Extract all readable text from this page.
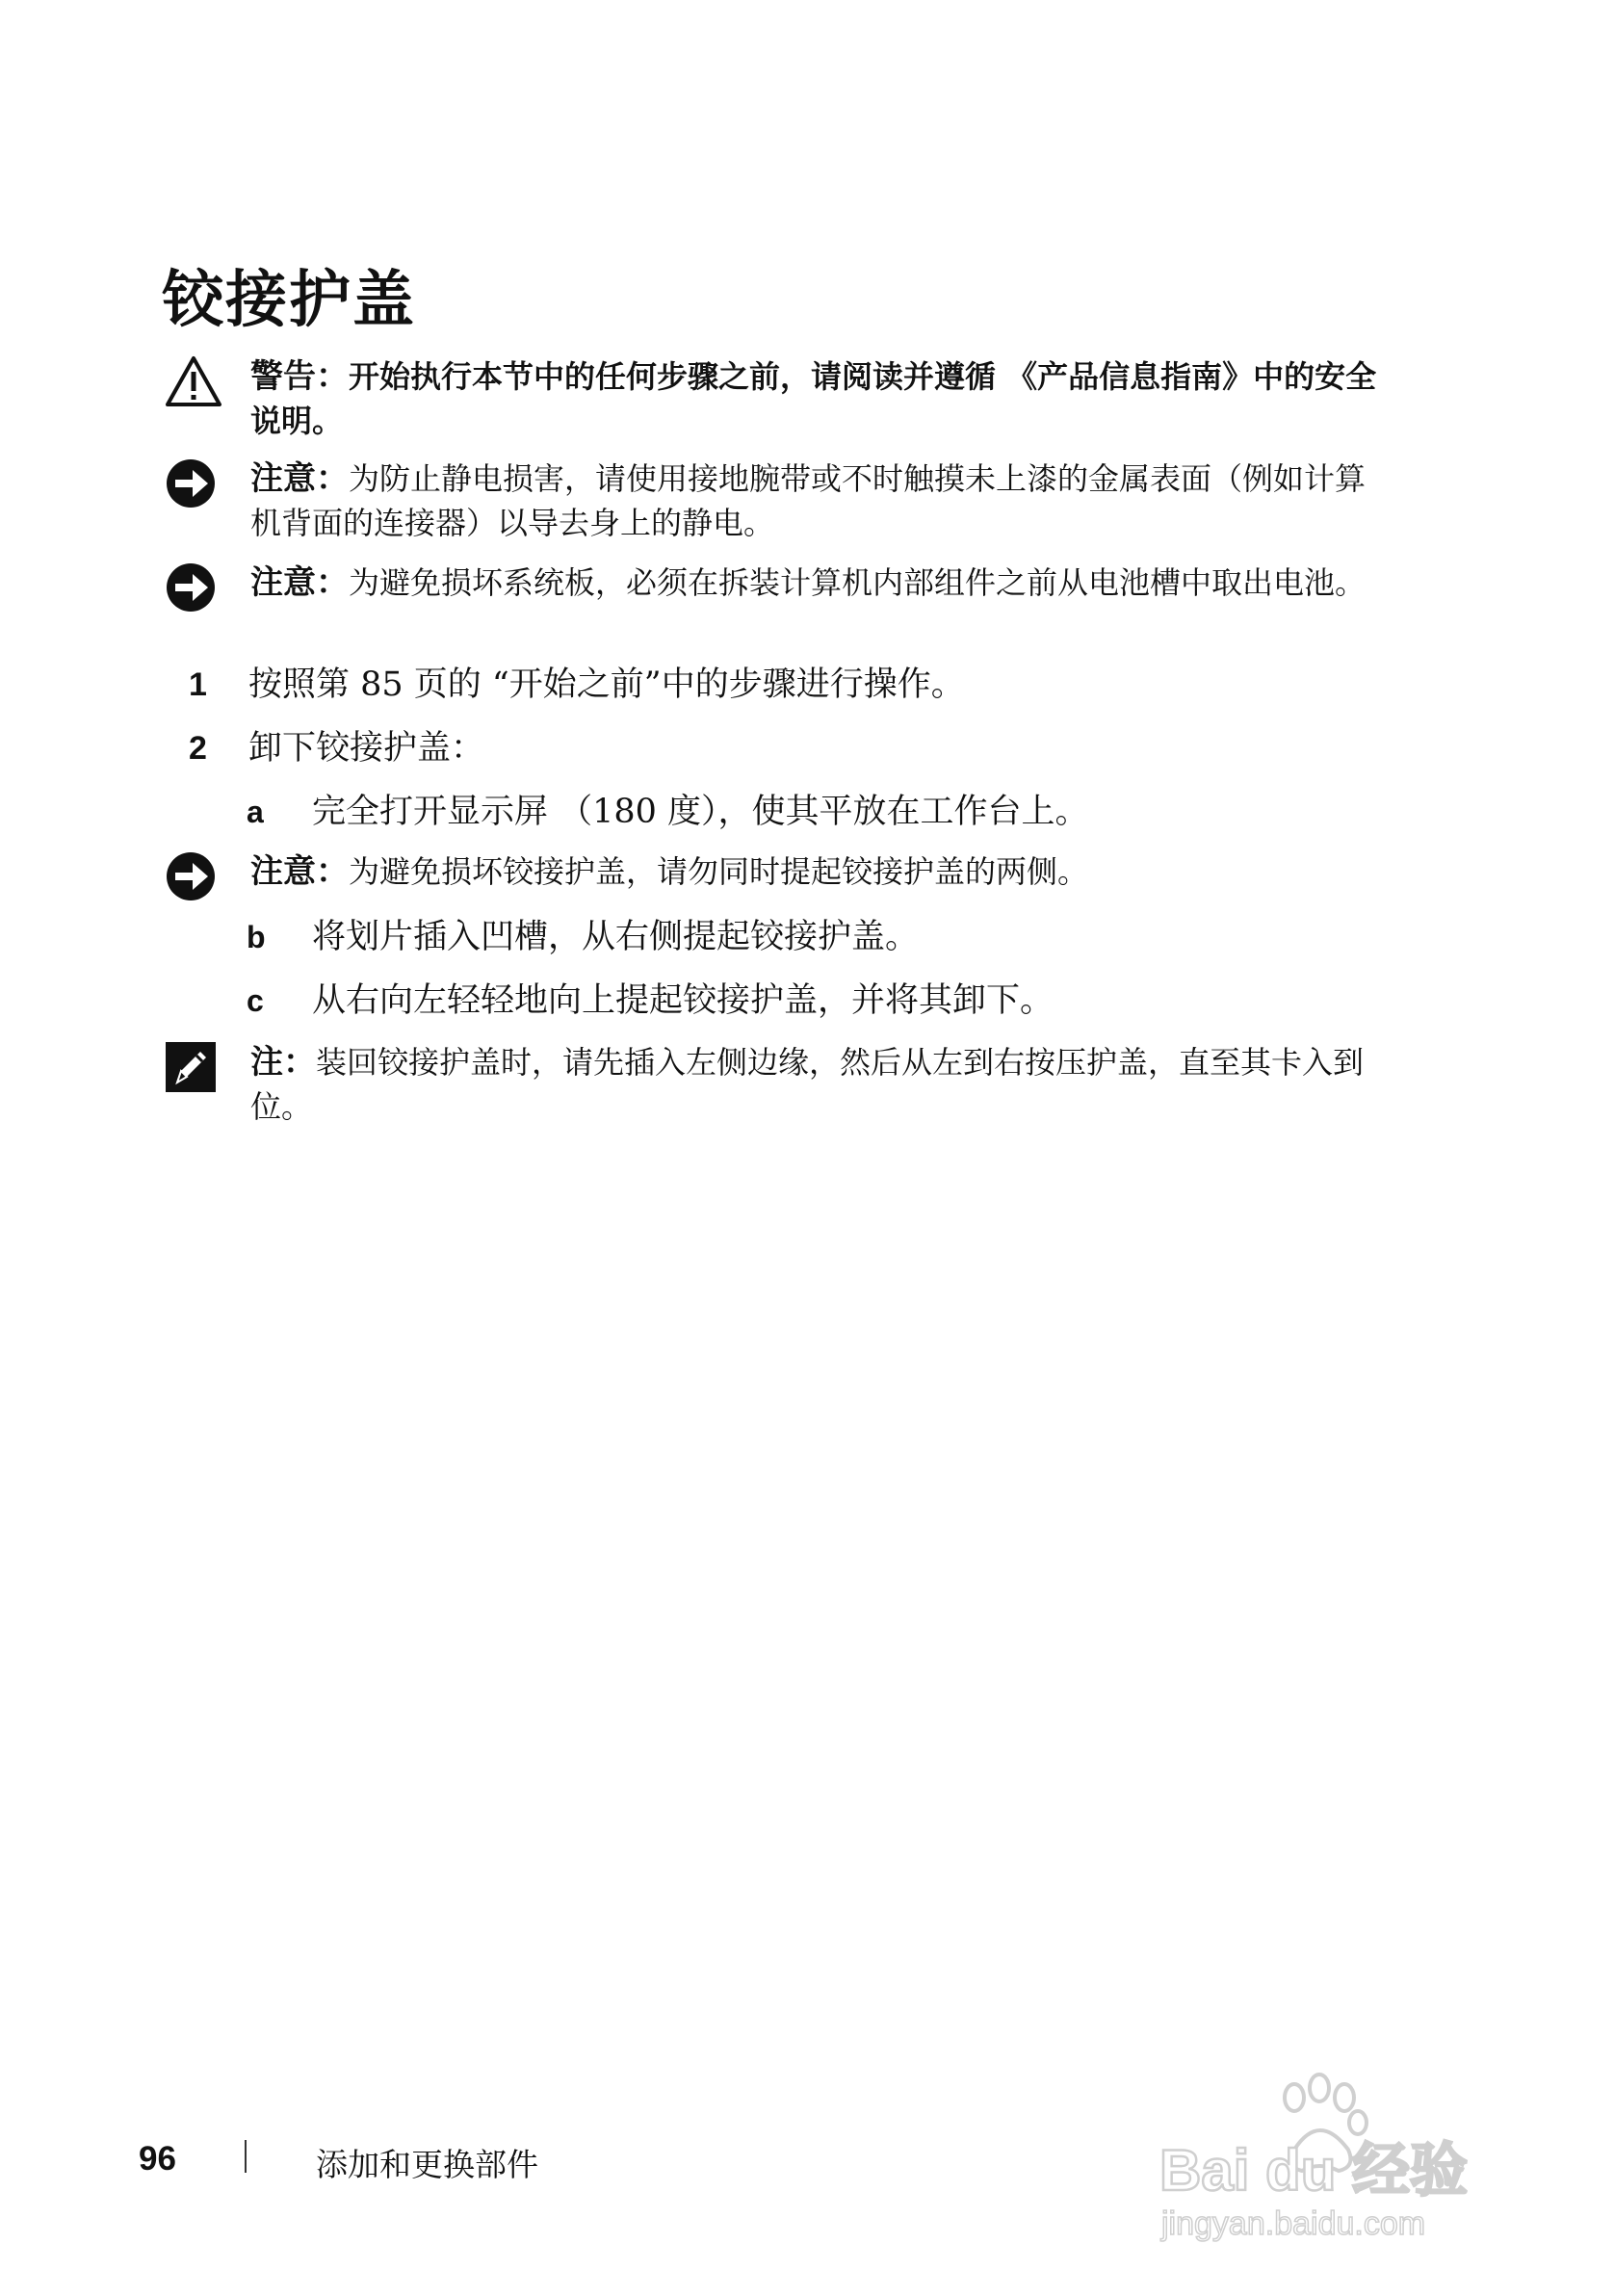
铰接护盖
警告：开始执行本节中的任何步骤之前，请阅读并遵循 《产品信息指南》中的安全说明。
注意：为防止静电损害，请使用接地腕带或不时触摸未上漆的金属表面（例如计算机背面的连接器）以导去身上的静电。
注意：为避免损坏系统板，必须在拆装计算机内部组件之前从电池槽中取出电池。
1 按照第 85 页的 “开始之前”中的步骤进行操作。
2 卸下铰接护盖：
a 完全打开显示屏 （180 度），使其平放在工作台上。
注意：为避免损坏铰接护盖，请勿同时提起铰接护盖的两侧。
b 将划片插入凹槽，从右侧提起铰接护盖。
c 从右向左轻轻地向上提起铰接护盖，并将其卸下。
注：装回铰接护盖时，请先插入左侧边缘，然后从左到右按压护盖，直至其卡入到位。
96	添加和更换部件	Bai du 经验
jingyan.baidu.com
